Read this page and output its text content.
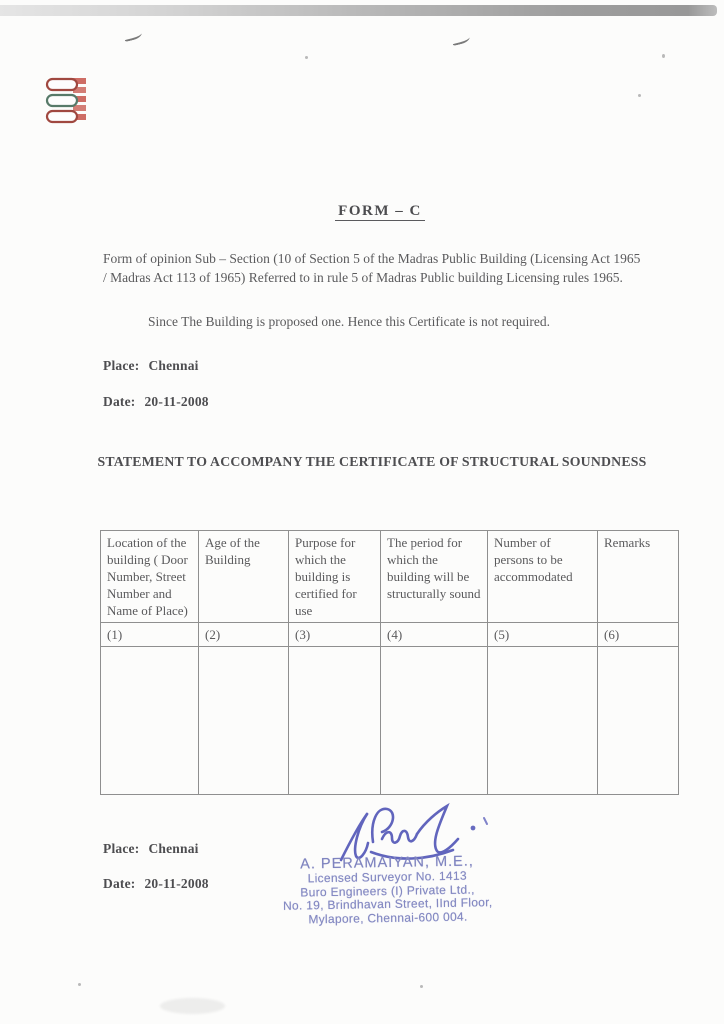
FORM – C
Form of opinion Sub – Section (10 of Section 5 of the Madras Public Building (Licensing Act 1965 / Madras Act 113 of 1965) Referred to in rule 5 of Madras Public building Licensing rules 1965.
Since The Building is proposed one. Hence this Certificate is not required.
Place: Chennai
Date: 20-11-2008
STATEMENT TO ACCOMPANY THE CERTIFICATE OF STRUCTURAL SOUNDNESS
Location of the building ( Door Number, Street Number and Name of Place)	Age of the Building	Purpose for which the building is certified for use	The period for which the building will be structurally sound	Number of persons to be accommodated	Remarks
(1)	(2)	(3)	(4)	(5)	(6)

Place: Chennai
Date: 20-11-2008
A. PERAMAIYAN, M.E.,
Licensed Surveyor No. 1413
Buro Engineers (I) Private Ltd.,
No. 19, Brindhavan Street, IInd Floor,
Mylapore, Chennai-600 004.
